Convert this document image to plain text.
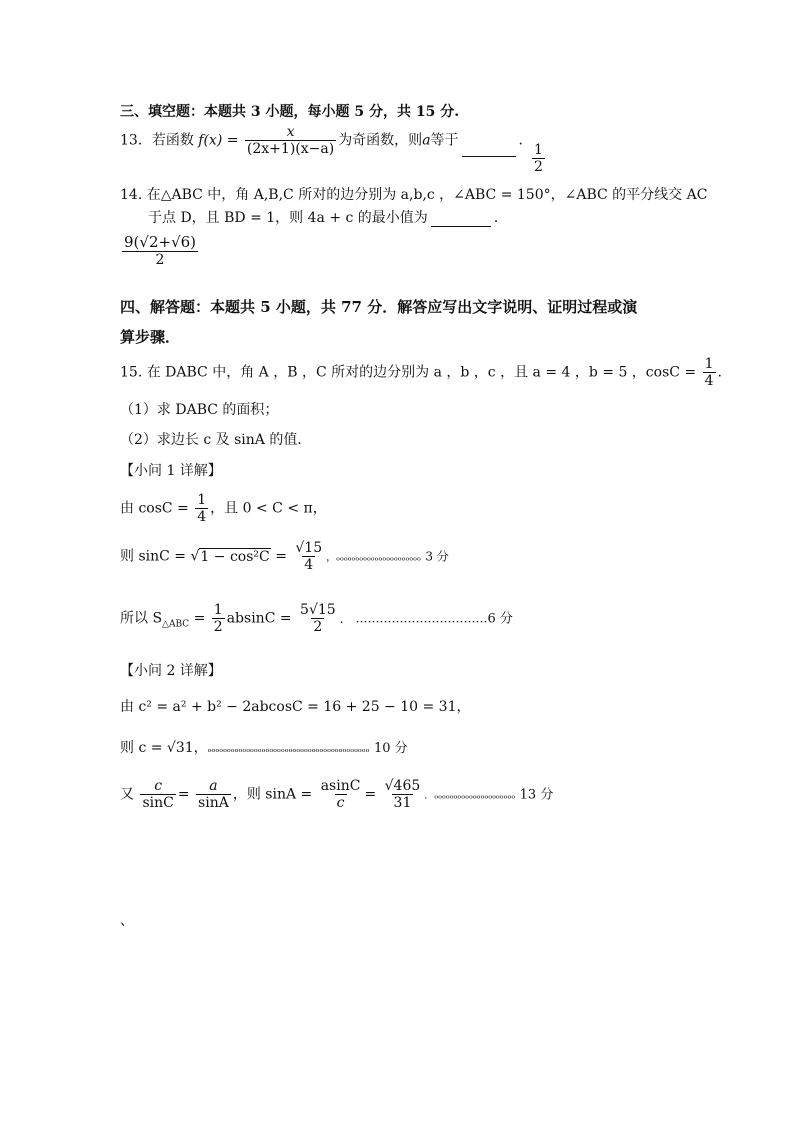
三、填空题：本题共 3 小题，每小题 5 分，共 15 分.
13．若函数 $f(x) = \frac{x}{(2x+1)(x-a)}$ 为奇函数，则a等于	．
$\frac{1}{2}$
14. 在△ABC 中，角 A,B,C 所对的边分别为 a,b,c ，∠ABC = 150°，∠ABC 的平分线交 AC
于点 D，且 BD = 1，则 4a + c 的最小值为	．
$\frac{9(√2+√6)}{2}$
四、解答题：本题共 5 小题，共 77 分．解答应写出文字说明、证明过程或演
算步骤．
15. 在 DABC 中，角 A ，B ，C 所对的边分别为 a ，b ，c ，且 a = 4 ，b = 5 ，$\cos C = \frac{1}{4}$ .
（1）求 DABC 的面积；
（2）求边长 c 及 sinA 的值．
【小问 1 详解】
由 $\cos C = \frac{1}{4}$ ，且 0 < C < π，
则 $\sin C = √1 - \cos^2C = \frac{√15}{4}$ ，ₒₒₒₒₒₒₒₒₒₒₒₒₒₒₒₒₒₒₒₒₒₒ 3 分
所以 $S_{\triangle ABC} = \frac{1}{2}$ $absinC = \frac{5√15}{2}$ ． ……………………………6 分
【小问 2 详解】
由 c² = a² + b² − 2abcosC = 16 + 25 − 10 = 31，
则 c = √31，ₒₒₒₒₒₒₒₒₒₒₒₒₒₒₒₒₒₒₒₒₒₒₒₒₒₒₒₒₒₒₒₒₒₒₒₒₒₒₒₒₒₒ 10 分
又 $\frac{c}{\sin C} = \frac{a}{\sin A}$ ，则 $\sin A = \frac{asinC}{c} = \frac{√465}{31}$ ．ₒₒₒₒₒₒₒₒₒₒₒₒₒₒₒₒₒₒₒₒₒ 13 分
、
